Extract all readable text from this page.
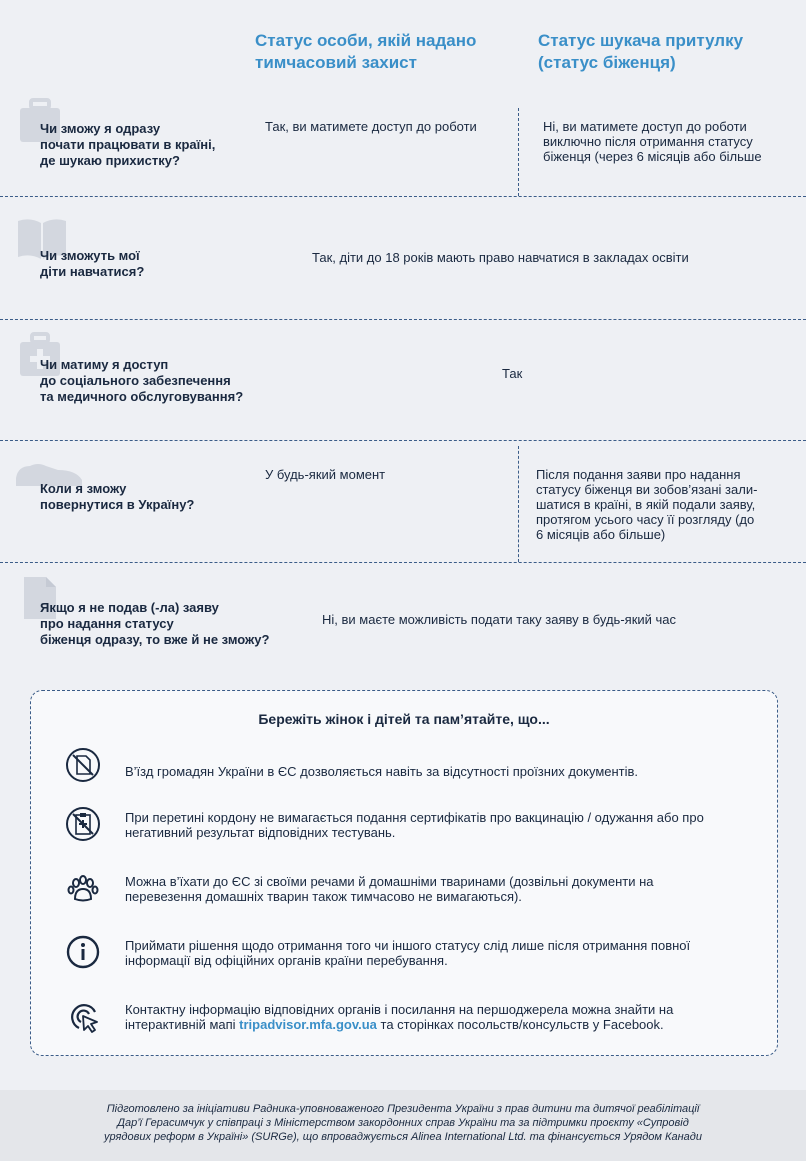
Статус особи, якій надано
тимчасовий захист
Статус шукача притулку
(статус біженця)
Чи зможу я одразу
почати працювати в країні,
де шукаю прихистку?
Так, ви матимете доступ до роботи	Ні, ви матимете доступ до роботи
виключно після отримання статусу
біженця (через 6 місяців або більше
Чи зможуть мої
діти навчатися?
Так, діти до 18 років мають право навчатися в закладах освіти
Чи матиму я доступ
до соціального забезпечення
та медичного обслуговування?
Так
Коли я зможу
повернутися в Україну?
У будь-який момент	Після подання заяви про надання
статусу біженця ви зобов’язані зали-
шатися в країні, в якій подали заяву,
протягом усього часу її розгляду (до
6 місяців або більше)
Якщо я не подав (-ла) заяву
про надання статусу
біженця одразу, то вже й не зможу?
Ні, ви маєте можливість подати таку заяву в будь-який час
Бережіть жінок і дітей та пам’ятайте, що...
В’їзд громадян України в ЄС дозволяється навіть за відсутності проїзних документів.
При перетині кордону не вимагається подання сертифікатів про вакцинацію / одужання або про
негативний результат відповідних тестувань.
Можна в’їхати до ЄС зі своїми речами й домашніми тваринами (дозвільні документи на
перевезення домашніх тварин також тимчасово не вимагаються).
Приймати рішення щодо отримання того чи іншого статусу слід лише після отримання повної
інформації від офіційних органів країни перебування.
Контактну інформацію відповідних органів і посилання на першоджерела можна знайти на
інтерактивній мапі tripadvisor.mfa.gov.ua та сторінках посольств/консульств у Facebook.

Підготовлено за ініціативи Радника-уповноваженого Президента України з прав дитини та дитячої реабілітації
Дар’ї Герасимчук у співпраці з Міністерством закордонних справ України та за підтримки проєкту «Супровід
урядових реформ в Україні» (SURGe), що впроваджується Alinea International Ltd. та фінансується Урядом Канади
